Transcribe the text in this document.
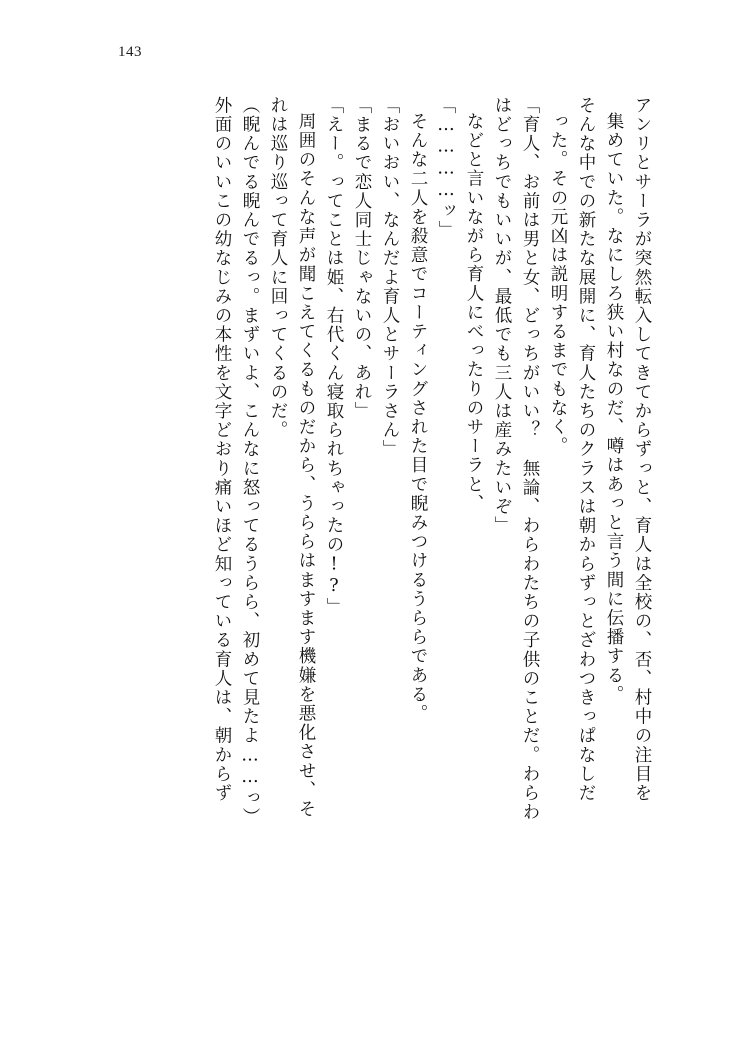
143
アンリとサーラが突然転入してきてからずっと、育人は全校の、否、村中の注目を
集めていた。なにしろ狭い村なのだ、噂はあっと言う間に伝播する。
そんな中での新たな展開に、育人たちのクラスは朝からずっとざわつきっぱなしだ
った。その元凶は説明するまでもなく。
「育人、お前は男と女、どっちがいい？　無論、わらわたちの子供のことだ。わらわ
はどっちでもいいが、最低でも三人は産みたいぞ」
などと言いながら育人にべったりのサーラと、
「…………ッ」
そんな二人を殺意でコーティングされた目で睨みつけるうららである。
「おいおい、なんだよ育人とサーラさん」
「まるで恋人同士じゃないの、あれ」
「えー。ってことは姫、右代くん寝取られちゃったの!?」
周囲のそんな声が聞こえてくるものだから、うららはますます機嫌を悪化させ、そ
れは巡り巡って育人に回ってくるのだ。
（睨んでる睨んでるっ。まずいよ、こんなに怒ってるうらら、初めて見たよ……っ）
外面のいいこの幼なじみの本性を文字どおり痛いほど知っている育人は、朝からず
